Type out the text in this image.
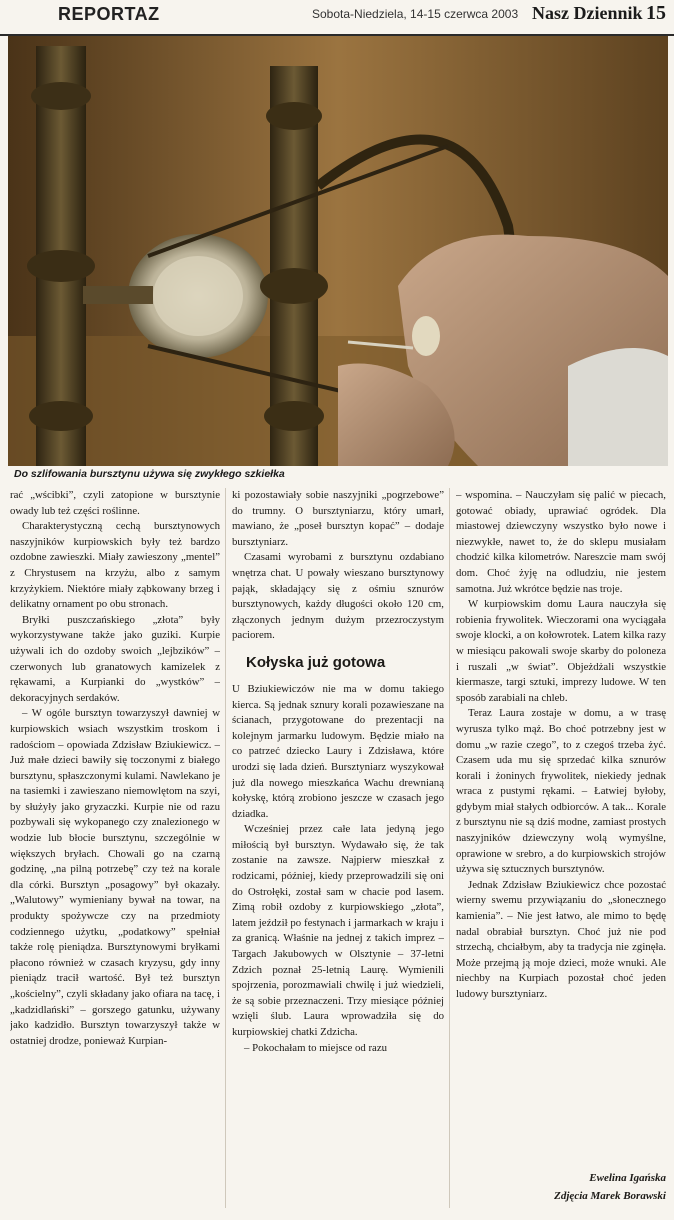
REPORTAZ	Sobota-Niedziela, 14-15 czerwca 2003 Nasz Dziennik 15
Do szlifowania bursztynu używa się zwykłego szkiełka

rać „wścibki”, czyli zatopione w bursztynie owady lub też części roślinne.

Charakterystyczną cechą bursztynowych naszyjników kurpiowskich były też bardzo ozdobne zawieszki. Miały zawieszony „mentel” z Chrystusem na krzyżu, albo z samym krzyżykiem. Niektóre miały ząbkowany brzeg i delikatny ornament po obu stronach.

Bryłki puszczańskiego „złota” były wykorzystywane także jako guziki. Kurpie używali ich do ozdoby swoich „lejbzików” – czerwonych lub granatowych kamizelek z rękawami, a Kurpianki do „wystków” – dekoracyjnych serdaków.

– W ogóle bursztyn towarzyszył dawniej w kurpiowskich wsiach wszystkim troskom i radościom – opowiada Zdzisław Bziukiewicz. – Już małe dzieci bawiły się toczonymi z białego bursztynu, spłaszczonymi kulami. Nawlekano je na tasiemki i zawieszano niemowlętom na szyi, by służyły jako gryzaczki. Kurpie nie od razu pozbywali się wykopanego czy znalezionego w wodzie lub błocie bursztynu, szczególnie w większych bryłach. Chowali go na czarną godzinę, „na pilną potrzebę” czy też na korale dla córki. Bursztyn „posagowy” był okazały. „Walutowy” wymieniany bywał na towar, na produkty spożywcze czy na przedmioty codziennego użytku, „podatkowy” spełniał także rolę pieniądza. Bursztynowymi bryłkami płacono również w czasach kryzysu, gdy inny pieniądz tracił wartość. Był też bursztyn „kościelny”, czyli składany jako ofiara na tacę, i „kadzidlański” – gorszego gatunku, używany jako kadzidło. Bursztyn towarzyszył także w ostatniej drodze, ponieważ Kurpian-

ki pozostawiały sobie naszyjniki „pogrzebowe” do trumny. O bursztyniarzu, który umarł, mawiano, że „poseł bursztyn kopać” – dodaje bursztyniarz.

Czasami wyrobami z bursztynu ozdabiano wnętrza chat. U powały wieszano bursztynowy pająk, składający się z ośmiu sznurów bursztynowych, każdy długości około 120 cm, złączonych jednym dużym przezroczystym paciorem.

Kołyska już gotowa

U Bziukiewiczów nie ma w domu takiego kierca. Są jednak sznury korali pozawieszane na ścianach, przygotowane do prezentacji na kolejnym jarmarku ludowym. Będzie miało na co patrzeć dziecko Laury i Zdzisława, które urodzi się lada dzień. Bursztyniarz wyszykował już dla nowego mieszkańca Wachu drewnianą kołyskę, którą zrobiono jeszcze w czasach jego dziadka.

Wcześniej przez całe lata jedyną jego miłością był bursztyn. Wydawało się, że tak zostanie na zawsze. Najpierw mieszkał z rodzicami, później, kiedy przeprowadzili się oni do Ostrołęki, został sam w chacie pod lasem. Zimą robił ozdoby z kurpiowskiego „złota”, latem jeździł po festynach i jarmarkach w kraju i za granicą. Właśnie na jednej z takich imprez – Targach Jakubowych w Olsztynie – 37-letni Zdzich poznał 25-letnią Laurę. Wymienili spojrzenia, porozmawiali chwilę i już wiedzieli, że są sobie przeznaczeni. Trzy miesiące później wzięli ślub. Laura wprowadziła się do kurpiowskiej chatki Zdzicha.

– Pokochałam to miejsce od razu

– wspomina. – Nauczyłam się palić w piecach, gotować obiady, uprawiać ogródek. Dla miastowej dziewczyny wszystko było nowe i niezwykłe, nawet to, że do sklepu musiałam chodzić kilka kilometrów. Nareszcie mam swój dom. Choć żyję na odludziu, nie jestem samotna. Już wkrótce będzie nas troje.

W kurpiowskim domu Laura nauczyła się robienia frywolitek. Wieczorami ona wyciągała swoje klocki, a on kołowrotek. Latem kilka razy w miesiącu pakowali swoje skarby do poloneza i ruszali „w świat”. Objeżdżali wszystkie kiermasze, targi sztuki, imprezy ludowe. W ten sposób zarabiali na chleb.

Teraz Laura zostaje w domu, a w trasę wyrusza tylko mąż. Bo choć potrzebny jest w domu „w razie czego”, to z czegoś trzeba żyć. Czasem uda mu się sprzedać kilka sznurów korali i żoninych frywolitek, niekiedy jednak wraca z pustymi rękami. – Łatwiej byłoby, gdybym miał stałych odbiorców. A tak... Korale z bursztynu nie są dziś modne, zamiast prostych naszyjników dziewczyny wolą wymyślne, oprawione w srebro, a do kurpiowskich strojów używa się sztucznych bursztynów.

Jednak Zdzisław Bziukiewicz chce pozostać wierny swemu przywiązaniu do „słonecznego kamienia”. – Nie jest łatwo, ale mimo to będę nadal obrabiał bursztyn. Choć już nie pod strzechą, chciałbym, aby ta tradycja nie zginęła. Może przejmą ją moje dzieci, może wnuki. Ale niechby na Kurpiach pozostał choć jeden ludowy bursztyniarz.

Ewelina Igańska
Zdjęcia Marek Borawski
